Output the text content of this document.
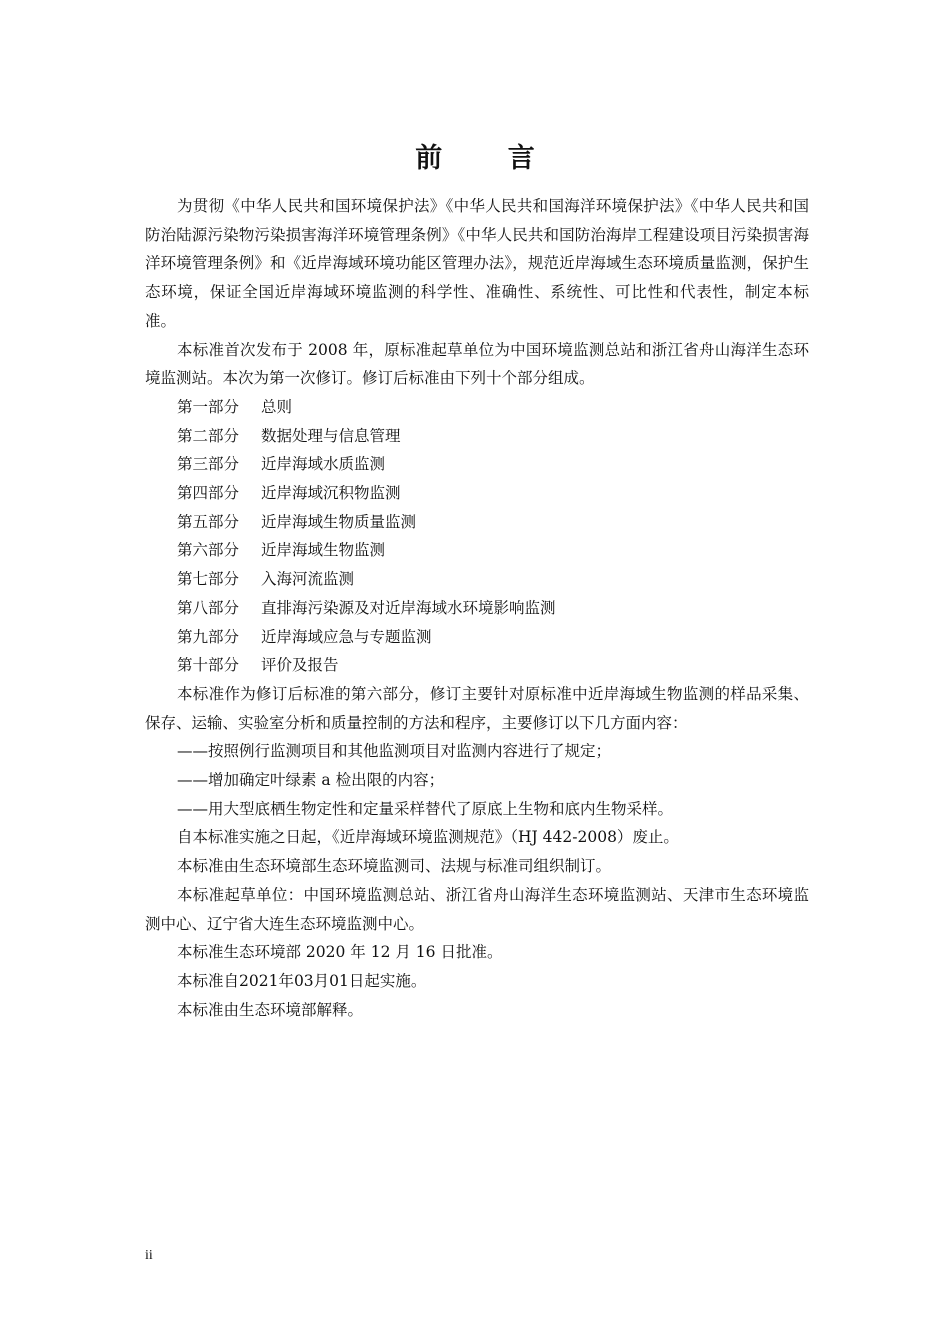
前 言

为贯彻《中华人民共和国环境保护法》《中华人民共和国海洋环境保护法》《中华人民共和国防治陆源污染物污染损害海洋环境管理条例》《中华人民共和国防治海岸工程建设项目污染损害海洋环境管理条例》和《近岸海域环境功能区管理办法》，规范近岸海域生态环境质量监测，保护生态环境，保证全国近岸海域环境监测的科学性、准确性、系统性、可比性和代表性，制定本标准。

本标准首次发布于 2008 年，原标准起草单位为中国环境监测总站和浙江省舟山海洋生态环境监测站。本次为第一次修订。修订后标准由下列十个部分组成。

第一部分 总则

第二部分 数据处理与信息管理

第三部分 近岸海域水质监测

第四部分 近岸海域沉积物监测

第五部分 近岸海域生物质量监测

第六部分 近岸海域生物监测

第七部分 入海河流监测

第八部分 直排海污染源及对近岸海域水环境影响监测

第九部分 近岸海域应急与专题监测

第十部分 评价及报告

本标准作为修订后标准的第六部分，修订主要针对原标准中近岸海域生物监测的样品采集、保存、运输、实验室分析和质量控制的方法和程序，主要修订以下几方面内容：

——按照例行监测项目和其他监测项目对监测内容进行了规定；

——增加确定叶绿素 a 检出限的内容；

——用大型底栖生物定性和定量采样替代了原底上生物和底内生物采样。

自本标准实施之日起，《近岸海域环境监测规范》（HJ 442-2008）废止。

本标准由生态环境部生态环境监测司、法规与标准司组织制订。

本标准起草单位：中国环境监测总站、浙江省舟山海洋生态环境监测站、天津市生态环境监测中心、辽宁省大连生态环境监测中心。

本标准生态环境部 2020 年 12 月 16 日批准。

本标准自2021年03月01日起实施。

本标准由生态环境部解释。

ii
